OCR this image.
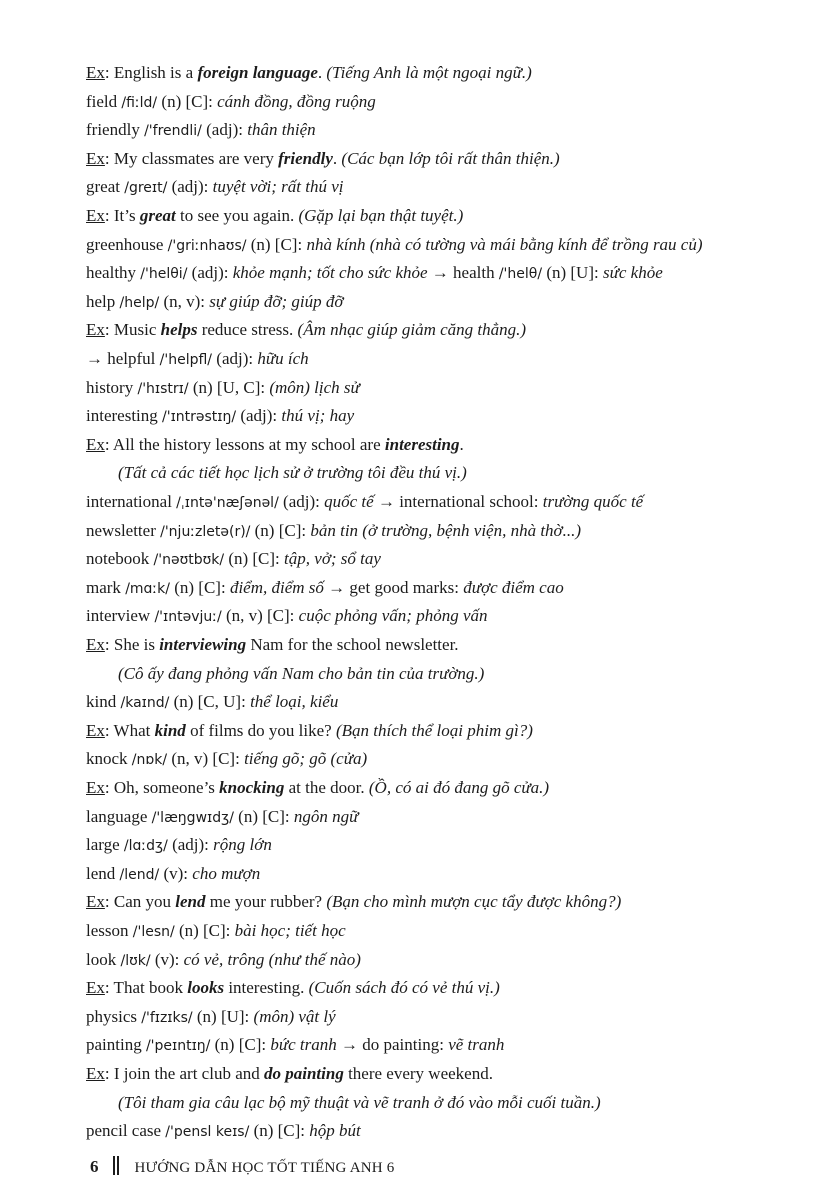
Ex: English is a foreign language. (Tiếng Anh là một ngoại ngữ.)
field /fiːld/ (n) [C]: cánh đồng, đồng ruộng
friendly /'frendli/ (adj): thân thiện
Ex: My classmates are very friendly. (Các bạn lớp tôi rất thân thiện.)
great /greɪt/ (adj): tuyệt vời; rất thú vị
Ex: It’s great to see you again. (Gặp lại bạn thật tuyệt.)
greenhouse /'griːnhaʊs/ (n) [C]: nhà kính (nhà có tường và mái bằng kính để trồng rau củ)
healthy /'helθi/ (adj): khỏe mạnh; tốt cho sức khỏe → health /'helθ/ (n) [U]: sức khỏe
help /help/ (n, v): sự giúp đỡ; giúp đỡ
Ex: Music helps reduce stress. (Âm nhạc giúp giảm căng thẳng.)
→ helpful /'helpfl/ (adj): hữu ích
history /'hɪstrɪ/ (n) [U, C]: (môn) lịch sử
interesting /'ɪntrəstɪŋ/ (adj): thú vị; hay
Ex: All the history lessons at my school are interesting.
(Tất cả các tiết học lịch sử ở trường tôi đều thú vị.)
international /ˌɪntə'næʃənəl/ (adj): quốc tế → international school: trường quốc tế
newsletter /'njuːzletə(r)/ (n) [C]: bản tin (ở trường, bệnh viện, nhà thờ...)
notebook /'nəʊtbʊk/ (n) [C]: tập, vở; sổ tay
mark /mɑːk/ (n) [C]: điểm, điểm số → get good marks: được điểm cao
interview /'ɪntəvjuː/ (n, v) [C]: cuộc phỏng vấn; phỏng vấn
Ex: She is interviewing Nam for the school newsletter.
(Cô ấy đang phỏng vấn Nam cho bản tin của trường.)
kind /kaɪnd/ (n) [C, U]: thể loại, kiểu
Ex: What kind of films do you like? (Bạn thích thể loại phim gì?)
knock /nɒk/ (n, v) [C]: tiếng gõ; gõ (cửa)
Ex: Oh, someone’s knocking at the door. (Ồ, có ai đó đang gõ cửa.)
language /'læŋgwɪdʒ/ (n) [C]: ngôn ngữ
large /lɑːdʒ/ (adj): rộng lớn
lend /lend/ (v): cho mượn
Ex: Can you lend me your rubber? (Bạn cho mình mượn cục tẩy được không?)
lesson /'lesn/ (n) [C]: bài học; tiết học
look /lʊk/ (v): có vẻ, trông (như thế nào)
Ex: That book looks interesting. (Cuốn sách đó có vẻ thú vị.)
physics /'fɪzɪks/ (n) [U]: (môn) vật lý
painting /'peɪntɪŋ/ (n) [C]: bức tranh → do painting: vẽ tranh
Ex: I join the art club and do painting there every weekend.
(Tôi tham gia câu lạc bộ mỹ thuật và vẽ tranh ở đó vào mỗi cuối tuần.)
pencil case /'pensl keɪs/ (n) [C]: hộp bút
6 HƯỚNG DẪN HỌC TỐT TIẾNG ANH 6
